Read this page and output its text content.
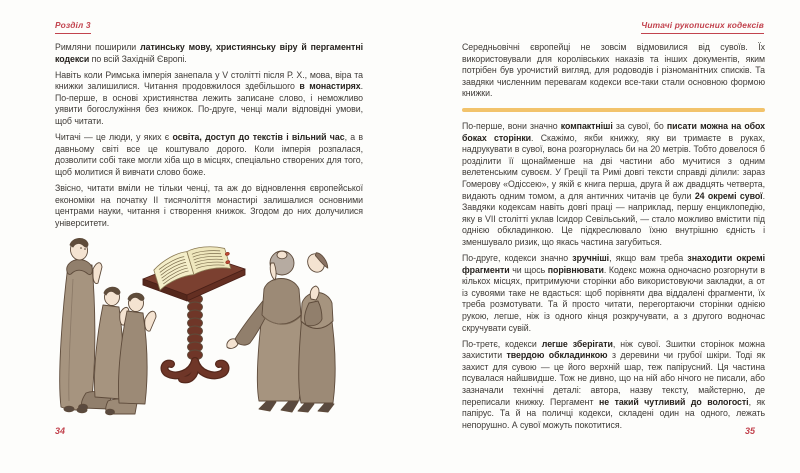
Розділ 3

Римляни поширили латинську мову, християнську віру й пергаментні кодекси по всій Західній Європі.

Навіть коли Римська імперія занепала у V столітті після Р. Х., мова, віра та книжки залишилися. Читання продовжилося здебільшого в монастирях. По-перше, в основі християнства лежить записане слово, і неможливо уявити богослужіння без книжок. По-друге, ченці мали відповідні умови, щоб читати.

Читачі — це люди, у яких є освіта, доступ до текстів і вільний час, а в давньому світі все це коштувало дорого. Коли імперія розпалася, дозволити собі таке могли хіба що в місцях, спеціально створених для того, щоб молитися й вивчати слово боже.

Звісно, читати вміли не тільки ченці, та аж до відновлення європейської економіки на початку II тисячоліття монастирі залишалися основними центрами науки, читання і створення книжок. Згодом до них долучилися університети.

34
Читачі рукописних кодексів

Середньовічні європейці не зовсім відмовилися від сувоїв. Їх використовували для королівських наказів та інших документів, яким потрібен був урочистий вигляд, для родоводів і різноманітних списків. Та завдяки численним перевагам кодекси все-таки стали основною формою книжки.

По-перше, вони значно компактніші за сувої, бо писати можна на обох боках сторінки. Скажімо, якби книжку, яку ви тримаєте в руках, надрукувати в сувої, вона розгорнулась би на 20 метрів. Тобто довелося б розділити її щонайменше на дві частини або мучитися з одним велетенським сувоєм. У Греції та Римі довгі тексти справді ділили: зараз Гомерову «Одіссею», у якій є книга перша, друга й аж двадцять четверта, видають одним томом, а для античних читачів це були 24 окремі сувої. Завдяки кодексам навіть довгі праці — наприклад, першу енциклопедію, яку в VII столітті уклав Ісидор Севільський, — стало можливо вмістити під однією обкладинкою. Це підкреслювало їхню внутрішню єдність і зменшувало ризик, що якась частина загубиться.

По-друге, кодекси значно зручніші, якщо вам треба знаходити окремі фрагменти чи щось порівнювати. Кодекс можна одночасно розгорнути в кількох місцях, притримуючи сторінки або використовуючи закладки, а от із сувоями таке не вдасться: щоб порівняти два віддалені фрагменти, їх треба розмотувати. Та й просто читати, перегортаючи сторінки однією рукою, легше, ніж із одного кінця розкручувати, а з другого водночас скручувати сувій.

По-третє, кодекси легше зберігати, ніж сувої. Зшитки сторінок можна захистити твердою обкладинкою з деревини чи грубої шкіри. Тоді як захист для сувою — це його верхній шар, теж папірусний. Ця частина псувалася найшвидше. Тож не дивно, що на ній або нічого не писали, або зазначали технічні деталі: автора, назву тексту, майстерню, де переписали книжку. Пергамент не такий чутливий до вологості, як папірус. Та й на поличці кодекси, складені один на одного, лежать непорушно. А сувої можуть покотитися.

35
